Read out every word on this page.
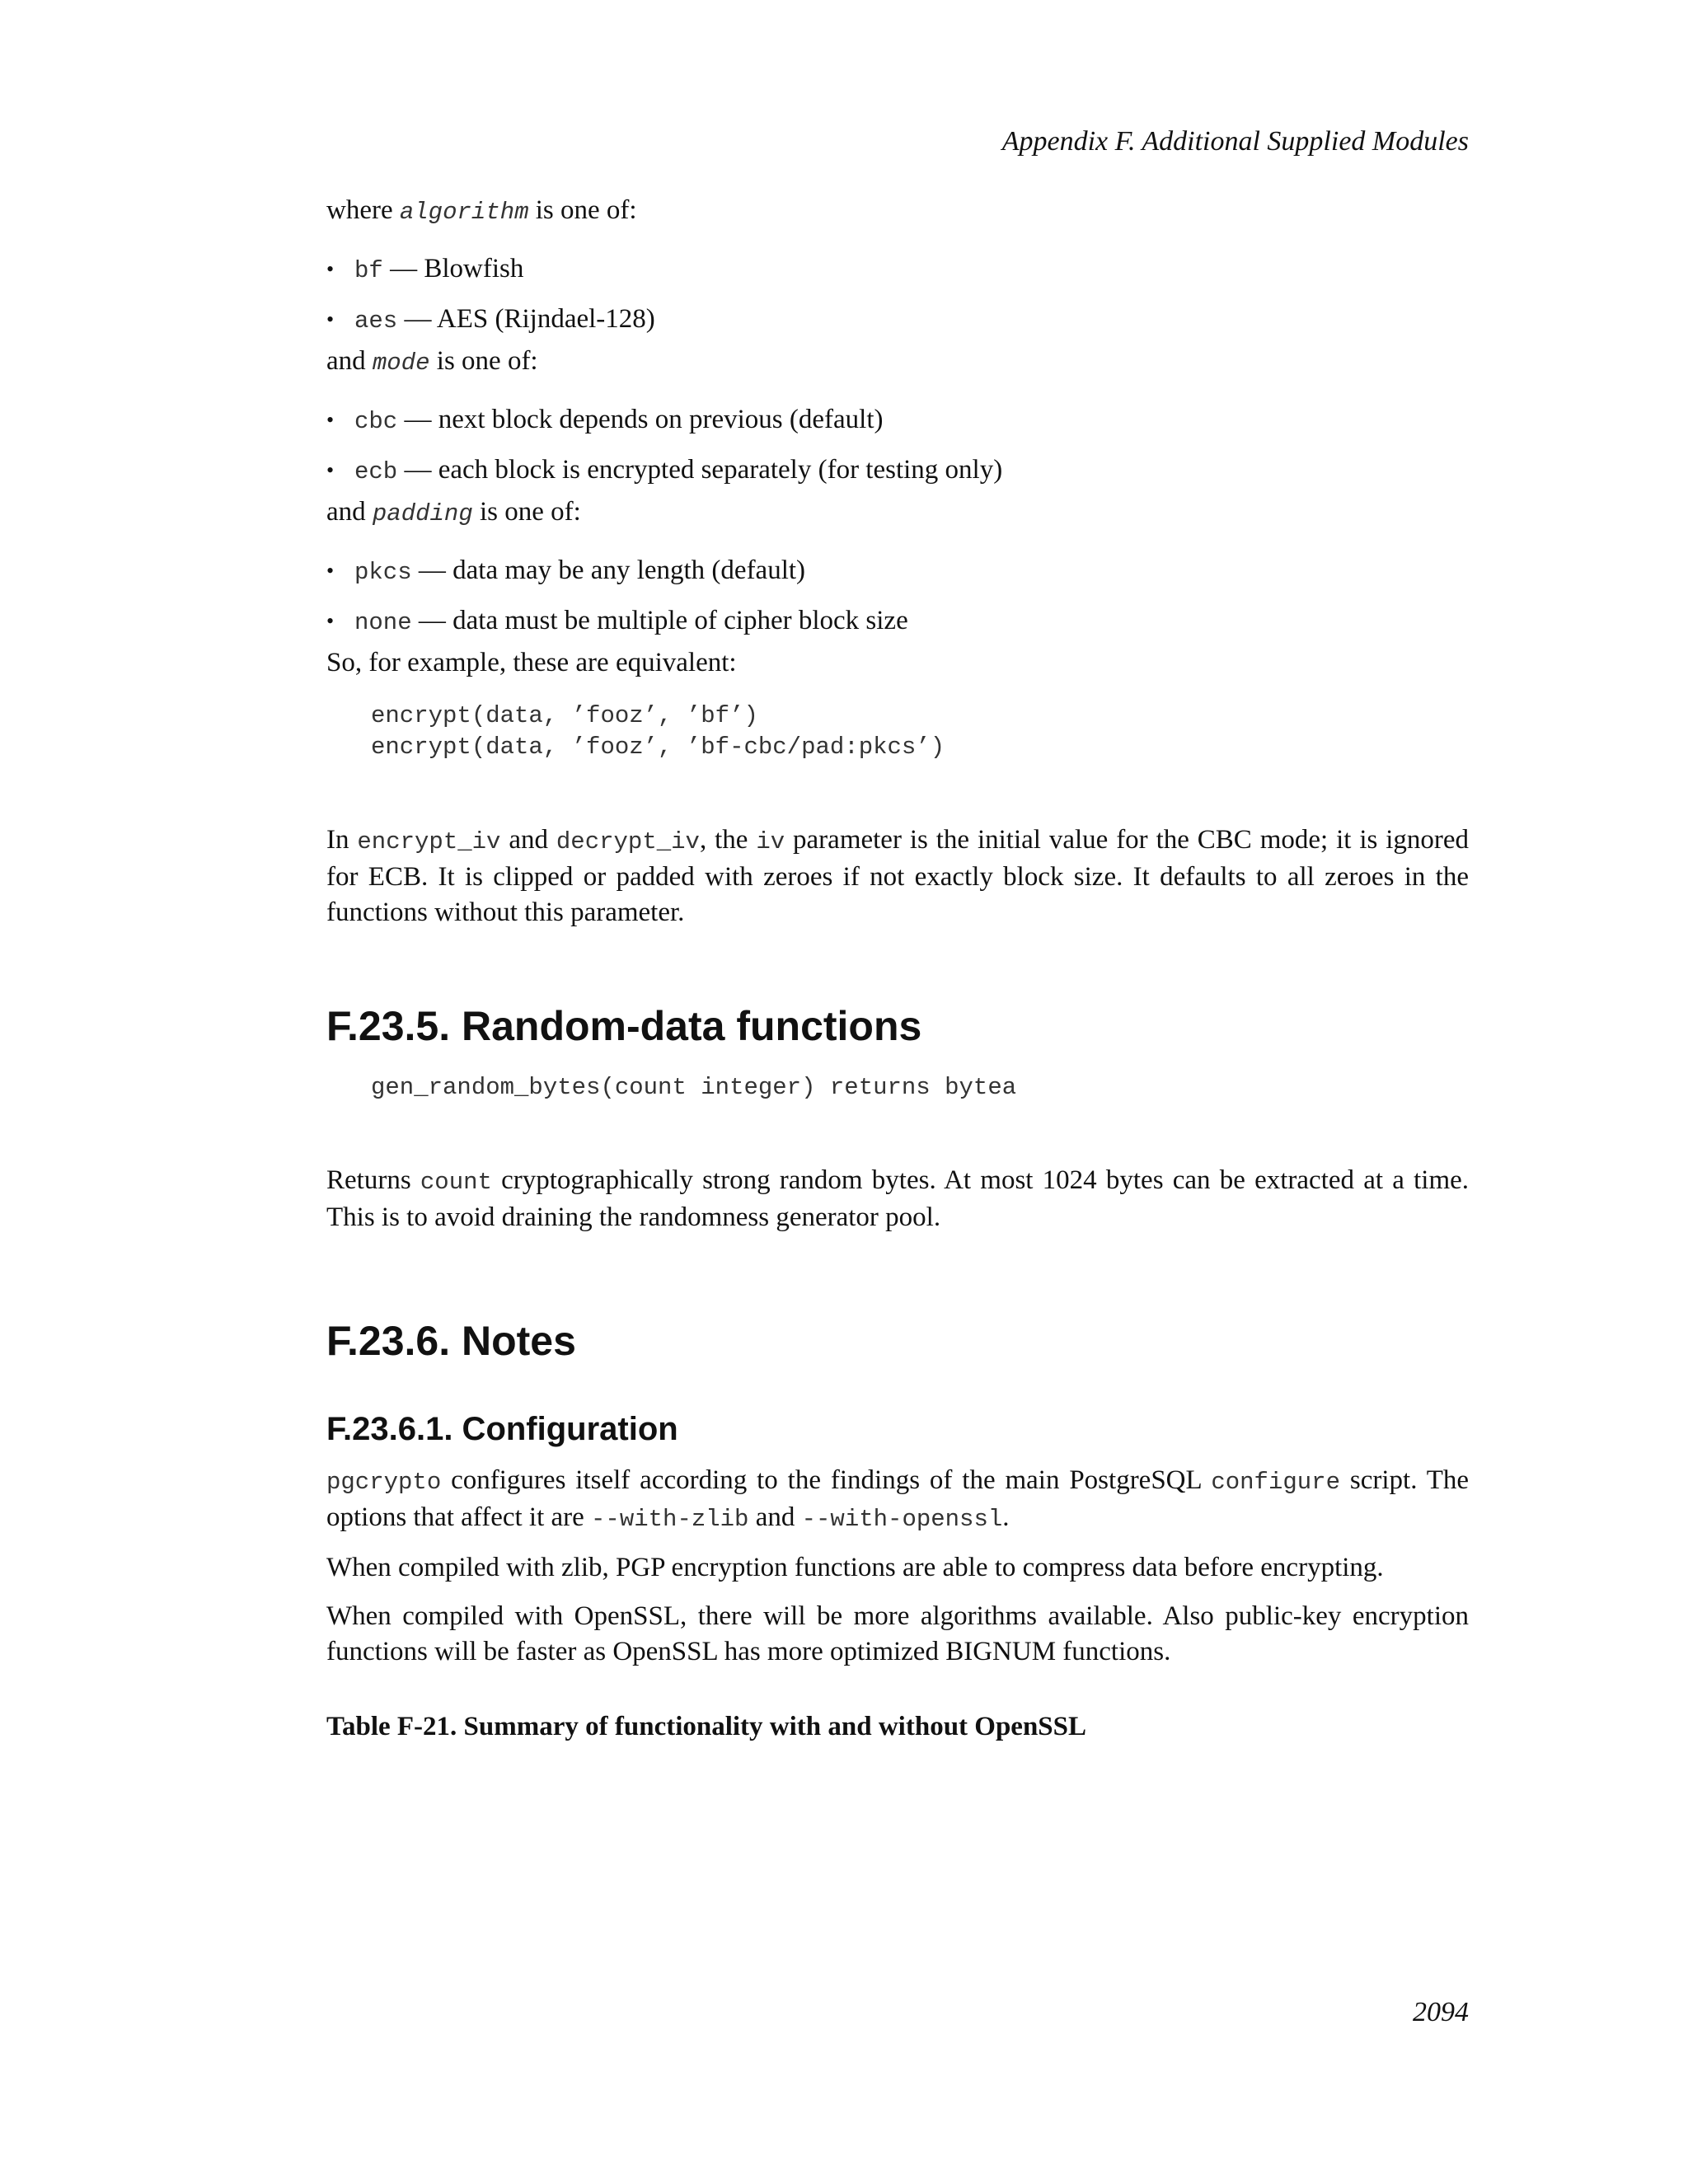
Appendix F. Additional Supplied Modules

where algorithm is one of:

• bf — Blowfish
• aes — AES (Rijndael-128)

and mode is one of:

• cbc — next block depends on previous (default)
• ecb — each block is encrypted separately (for testing only)

and padding is one of:

• pkcs — data may be any length (default)
• none — data must be multiple of cipher block size

So, for example, these are equivalent:

encrypt(data, ’fooz’, ’bf’)
encrypt(data, ’fooz’, ’bf-cbc/pad:pkcs’)

In encrypt_iv and decrypt_iv, the iv parameter is the initial value for the CBC mode; it is ignored for ECB. It is clipped or padded with zeroes if not exactly block size. It defaults to all zeroes in the functions without this parameter.

F.23.5. Random-data functions
gen_random_bytes(count integer) returns bytea

Returns count cryptographically strong random bytes. At most 1024 bytes can be extracted at a time. This is to avoid draining the randomness generator pool.

F.23.6. Notes
F.23.6.1. Configuration

pgcrypto configures itself according to the findings of the main PostgreSQL configure script. The options that affect it are --with-zlib and --with-openssl.

When compiled with zlib, PGP encryption functions are able to compress data before encrypting.

When compiled with OpenSSL, there will be more algorithms available. Also public-key encryption functions will be faster as OpenSSL has more optimized BIGNUM functions.

Table F-21. Summary of functionality with and without OpenSSL

2094
